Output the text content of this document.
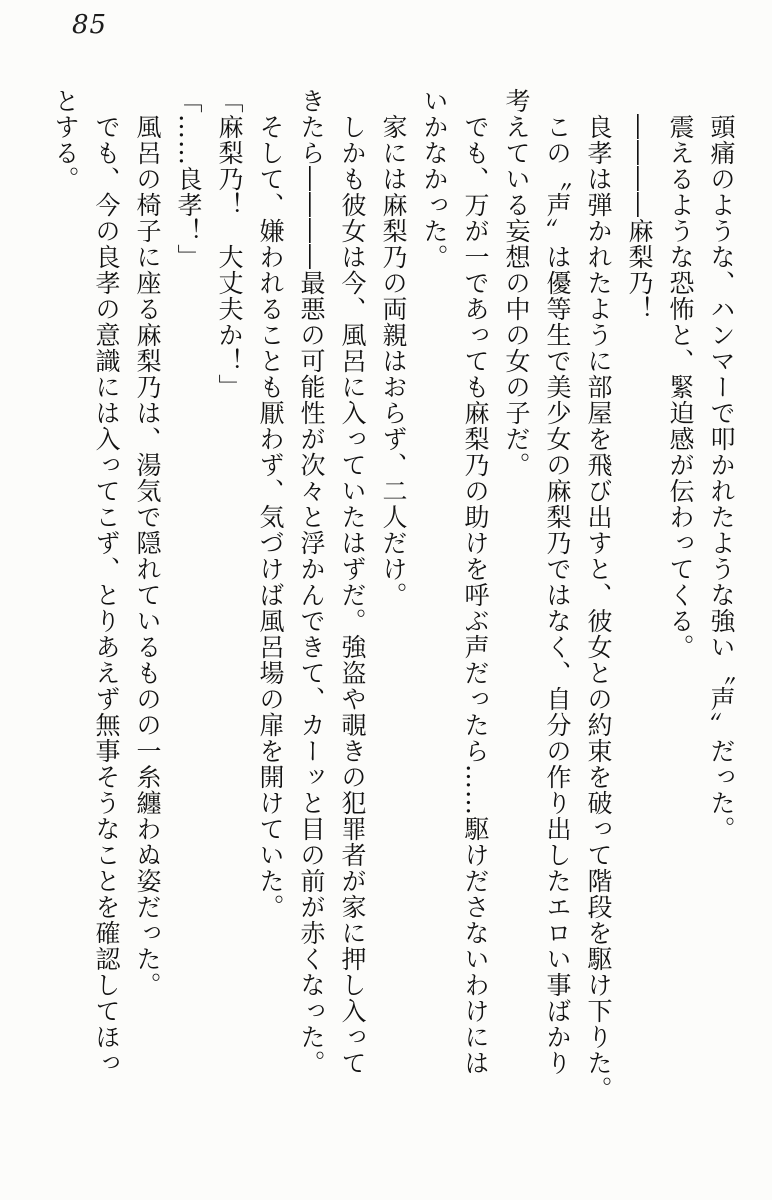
85
　頭痛のような、ハンマーで叩かれたような強い〝声〟だった。
　震えるような恐怖と、緊迫感が伝わってくる。
　――――麻梨乃！
　良孝は弾かれたように部屋を飛び出すと、彼女との約束を破って階段を駆け下りた。
　この〝声〟は優等生で美少女の麻梨乃ではなく、自分の作り出したエロい事ばかり
考えている妄想の中の女の子だ。
　でも、万が一であっても麻梨乃の助けを呼ぶ声だったら……駆けださないわけには
いかなかった。
　家には麻梨乃の両親はおらず、二人だけ。
　しかも彼女は今、風呂に入っていたはずだ。強盗や覗きの犯罪者が家に押し入って
きたら――――最悪の可能性が次々と浮かんできて、カーッと目の前が赤くなった。
　そして、嫌われることも厭わず、気づけば風呂場の扉を開けていた。
「麻梨乃！　大丈夫か！」
「……良孝！」
　風呂の椅子に座る麻梨乃は、湯気で隠れているものの一糸纏わぬ姿だった。
　でも、今の良孝の意識には入ってこず、とりあえず無事そうなことを確認してほっ
とする。
